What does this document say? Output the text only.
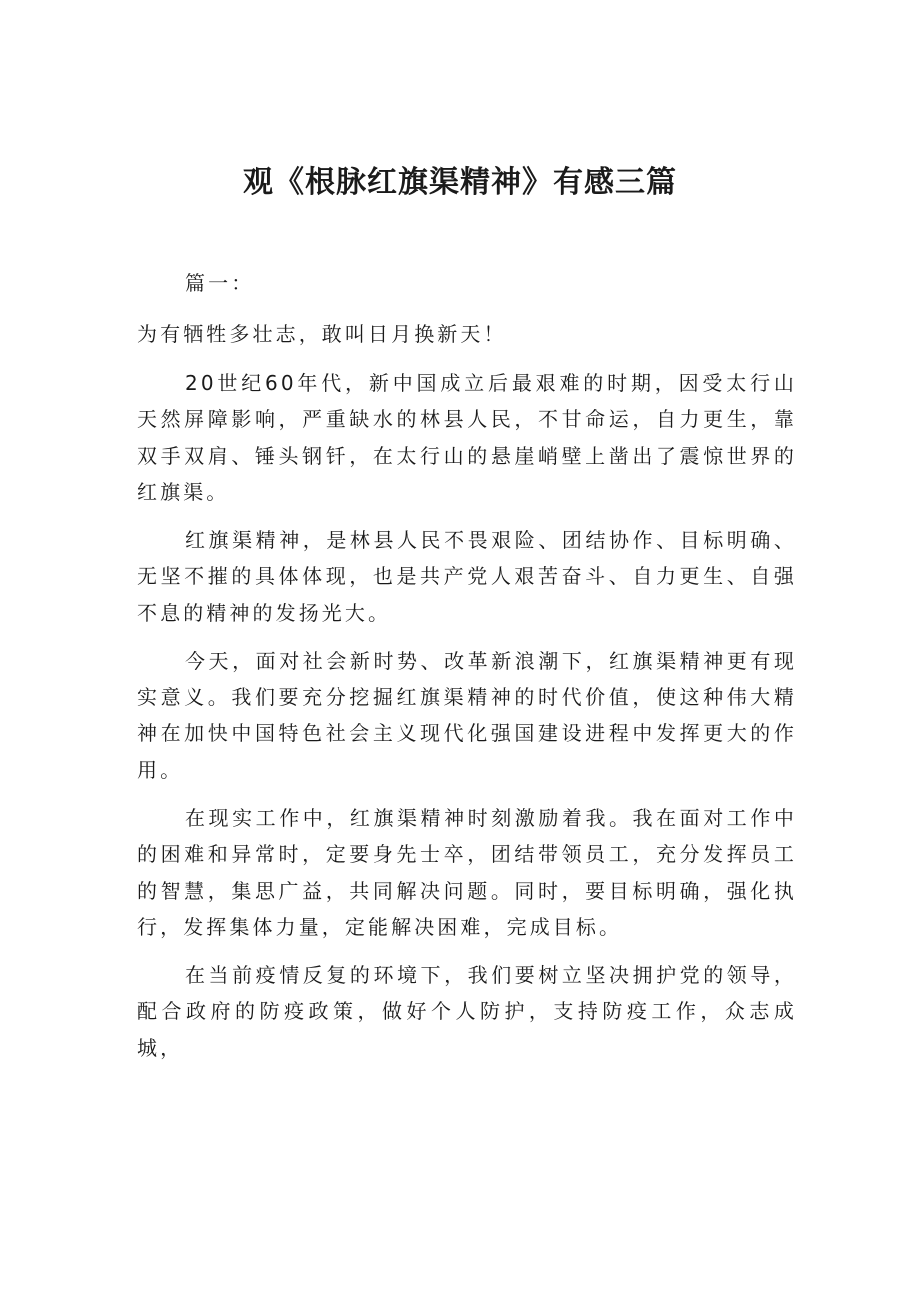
观《根脉红旗渠精神》有感三篇

篇一：

为有牺牲多壮志，敢叫日月换新天！

20世纪60年代，新中国成立后最艰难的时期，因受太行山天然屏障影响，严重缺水的林县人民，不甘命运，自力更生，靠双手双肩、锤头钢钎，在太行山的悬崖峭壁上凿出了震惊世界的红旗渠。

红旗渠精神，是林县人民不畏艰险、团结协作、目标明确、无坚不摧的具体体现，也是共产党人艰苦奋斗、自力更生、自强不息的精神的发扬光大。

今天，面对社会新时势、改革新浪潮下，红旗渠精神更有现实意义。我们要充分挖掘红旗渠精神的时代价值，使这种伟大精神在加快中国特色社会主义现代化强国建设进程中发挥更大的作用。

在现实工作中，红旗渠精神时刻激励着我。我在面对工作中的困难和异常时，定要身先士卒，团结带领员工，充分发挥员工的智慧，集思广益，共同解决问题。同时，要目标明确，强化执行，发挥集体力量，定能解决困难，完成目标。

在当前疫情反复的环境下，我们要树立坚决拥护党的领导，配合政府的防疫政策，做好个人防护，支持防疫工作，众志成城，
